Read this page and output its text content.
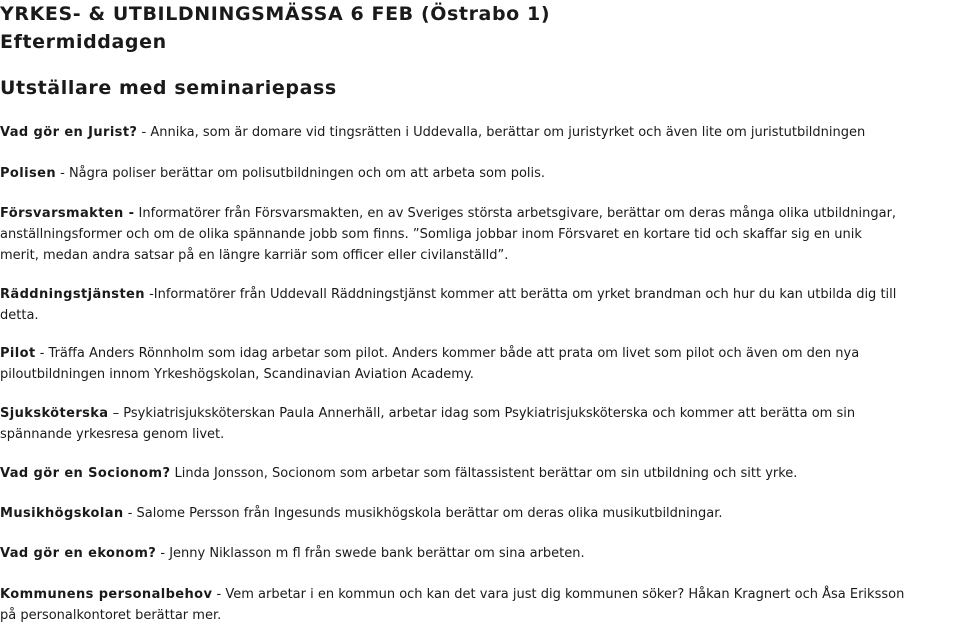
YRKES- & UTBILDNINGSMÄSSA 6 FEB (Östrabo 1)
Eftermiddagen
Utställare med seminariepass

Vad gör en Jurist? - Annika, som är domare vid tingsrätten i Uddevalla, berättar om juristyrket och även lite om juristutbildningen

Polisen - Några poliser berättar om polisutbildningen och om att arbeta som polis.

Försvarsmakten - Informatörer från Försvarsmakten, en av Sveriges största arbetsgivare, berättar om deras många olika utbildningar,
anställningsformer och om de olika spännande jobb som finns. ”Somliga jobbar inom Försvaret en kortare tid och skaffar sig en unik
merit, medan andra satsar på en längre karriär som officer eller civilanställd”.

Räddningstjänsten -Informatörer från Uddevall Räddningstjänst kommer att berätta om yrket brandman och hur du kan utbilda dig till
detta.

Pilot - Träffa Anders Rönnholm som idag arbetar som pilot. Anders kommer både att prata om livet som pilot och även om den nya
piloutbildningen innom Yrkeshögskolan, Scandinavian Aviation Academy.

Sjuksköterska – Psykiatrisjuksköterskan Paula Annerhäll, arbetar idag som Psykiatrisjuksköterska och kommer att berätta om sin
spännande yrkesresa genom livet.

Vad gör en Socionom? Linda Jonsson, Socionom som arbetar som fältassistent berättar om sin utbildning och sitt yrke.

Musikhögskolan - Salome Persson från Ingesunds musikhögskola berättar om deras olika musikutbildningar.

Vad gör en ekonom? - Jenny Niklasson m fl från swede bank berättar om sina arbeten.

Kommunens personalbehov - Vem arbetar i en kommun och kan det vara just dig kommunen söker? Håkan Kragnert och Åsa Eriksson
på personalkontoret berättar mer.
